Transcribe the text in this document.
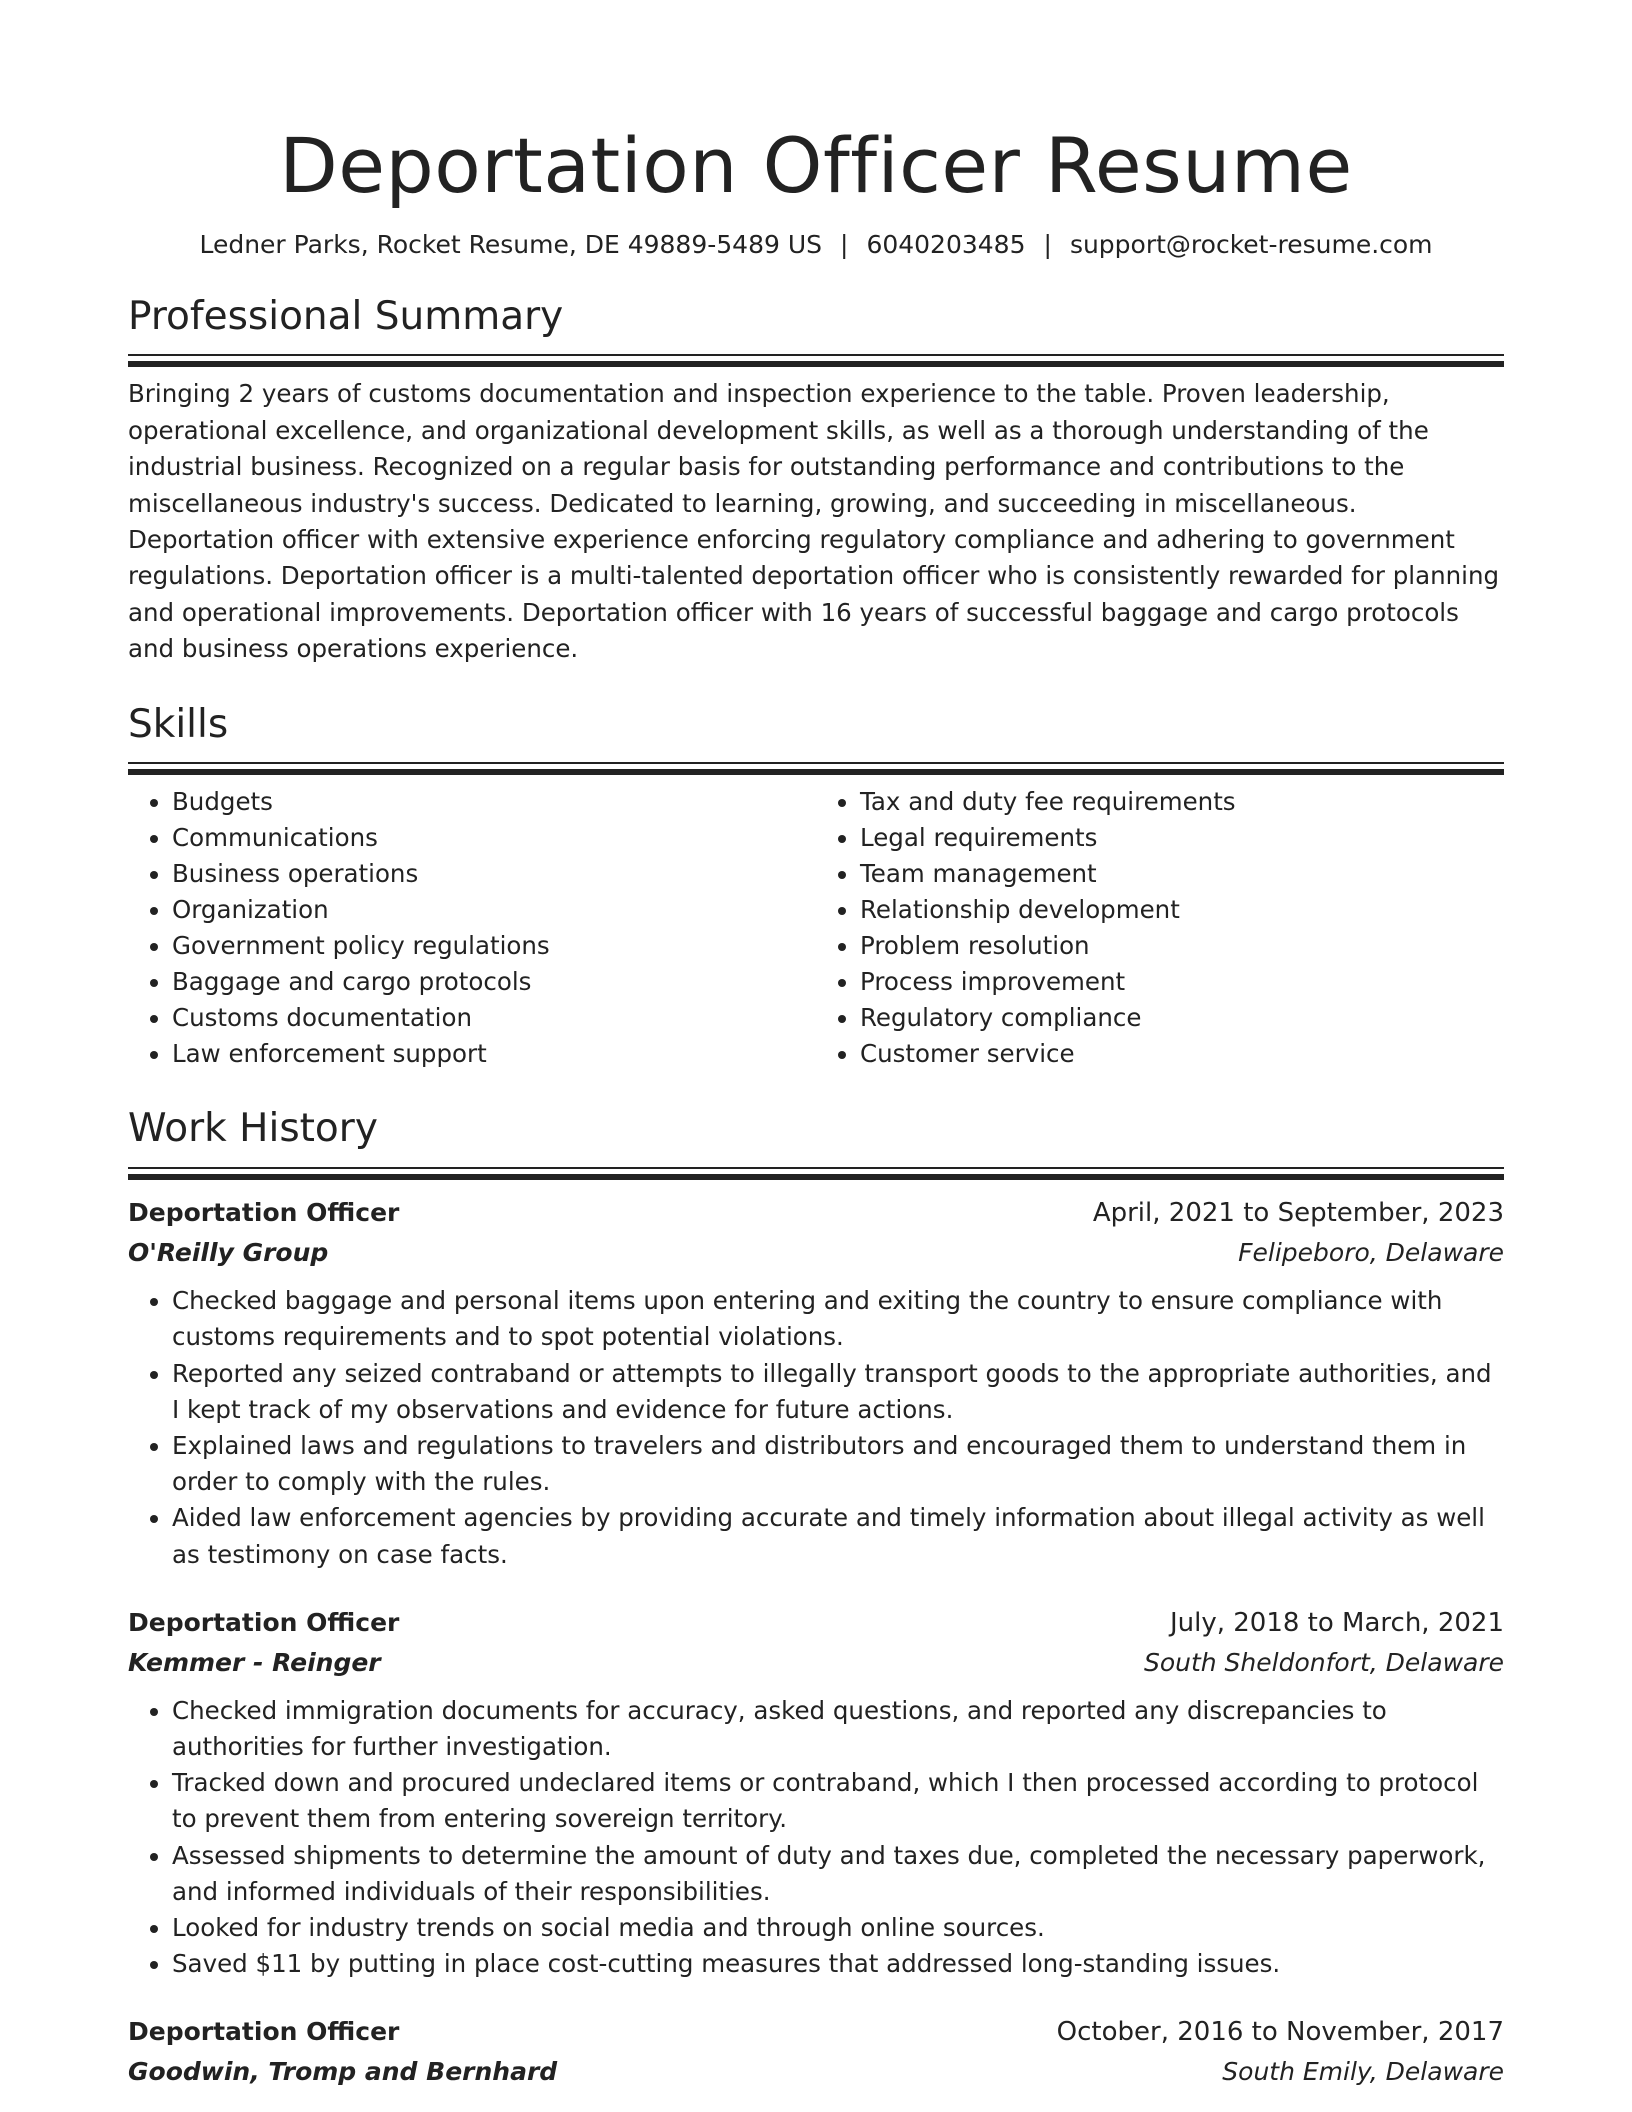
Deportation Officer Resume
Ledner Parks, Rocket Resume, DE 49889-5489 US | 6040203485 | support@rocket-resume.com
Professional Summary
Bringing 2 years of customs documentation and inspection experience to the table. Proven leadership, operational excellence, and organizational development skills, as well as a thorough understanding of the industrial business. Recognized on a regular basis for outstanding performance and contributions to the miscellaneous industry's success. Dedicated to learning, growing, and succeeding in miscellaneous. Deportation officer with extensive experience enforcing regulatory compliance and adhering to government regulations. Deportation officer is a multi-talented deportation officer who is consistently rewarded for planning and operational improvements. Deportation officer with 16 years of successful baggage and cargo protocols and business operations experience.
Skills
• Budgets
• Communications
• Business operations
• Organization
• Government policy regulations
• Baggage and cargo protocols
• Customs documentation
• Law enforcement support
• Tax and duty fee requirements
• Legal requirements
• Team management
• Relationship development
• Problem resolution
• Process improvement
• Regulatory compliance
• Customer service
Work History
Deportation Officer	April, 2021 to September, 2023
O'Reilly Group	Felipeboro, Delaware
• Checked baggage and personal items upon entering and exiting the country to ensure compliance with customs requirements and to spot potential violations.
• Reported any seized contraband or attempts to illegally transport goods to the appropriate authorities, and I kept track of my observations and evidence for future actions.
• Explained laws and regulations to travelers and distributors and encouraged them to understand them in order to comply with the rules.
• Aided law enforcement agencies by providing accurate and timely information about illegal activity as well as testimony on case facts.
Deportation Officer	July, 2018 to March, 2021
Kemmer - Reinger	South Sheldonfort, Delaware
• Checked immigration documents for accuracy, asked questions, and reported any discrepancies to authorities for further investigation.
• Tracked down and procured undeclared items or contraband, which I then processed according to protocol to prevent them from entering sovereign territory.
• Assessed shipments to determine the amount of duty and taxes due, completed the necessary paperwork, and informed individuals of their responsibilities.
• Looked for industry trends on social media and through online sources.
• Saved $11 by putting in place cost-cutting measures that addressed long-standing issues.
Deportation Officer	October, 2016 to November, 2017
Goodwin, Tromp and Bernhard	South Emily, Delaware
